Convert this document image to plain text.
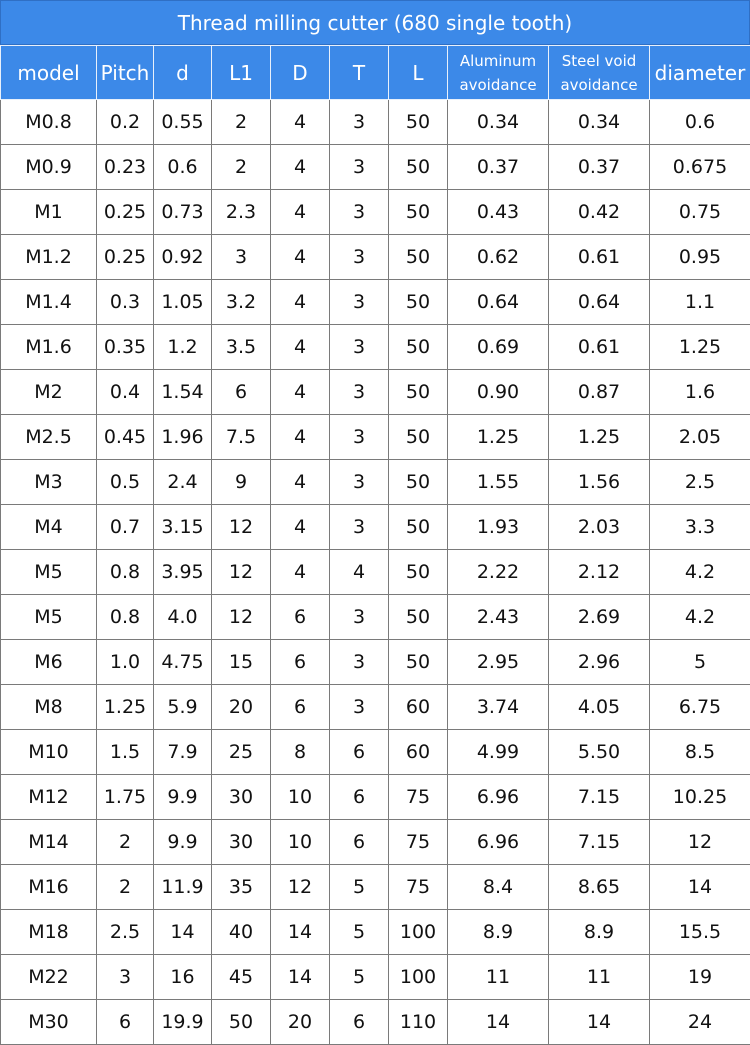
Thread milling cutter (680 single tooth)
model	Pitch	d	L1	D	T	L	Aluminum avoidance	Steel void avoidance	diameter
M0.8	0.2	0.55	2	4	3	50	0.34	0.34	0.6
M0.9	0.23	0.6	2	4	3	50	0.37	0.37	0.675
M1	0.25	0.73	2.3	4	3	50	0.43	0.42	0.75
M1.2	0.25	0.92	3	4	3	50	0.62	0.61	0.95
M1.4	0.3	1.05	3.2	4	3	50	0.64	0.64	1.1
M1.6	0.35	1.2	3.5	4	3	50	0.69	0.61	1.25
M2	0.4	1.54	6	4	3	50	0.90	0.87	1.6
M2.5	0.45	1.96	7.5	4	3	50	1.25	1.25	2.05
M3	0.5	2.4	9	4	3	50	1.55	1.56	2.5
M4	0.7	3.15	12	4	3	50	1.93	2.03	3.3
M5	0.8	3.95	12	4	4	50	2.22	2.12	4.2
M5	0.8	4.0	12	6	3	50	2.43	2.69	4.2
M6	1.0	4.75	15	6	3	50	2.95	2.96	5
M8	1.25	5.9	20	6	3	60	3.74	4.05	6.75
M10	1.5	7.9	25	8	6	60	4.99	5.50	8.5
M12	1.75	9.9	30	10	6	75	6.96	7.15	10.25
M14	2	9.9	30	10	6	75	6.96	7.15	12
M16	2	11.9	35	12	5	75	8.4	8.65	14
M18	2.5	14	40	14	5	100	8.9	8.9	15.5
M22	3	16	45	14	5	100	11	11	19
M30	6	19.9	50	20	6	110	14	14	24
